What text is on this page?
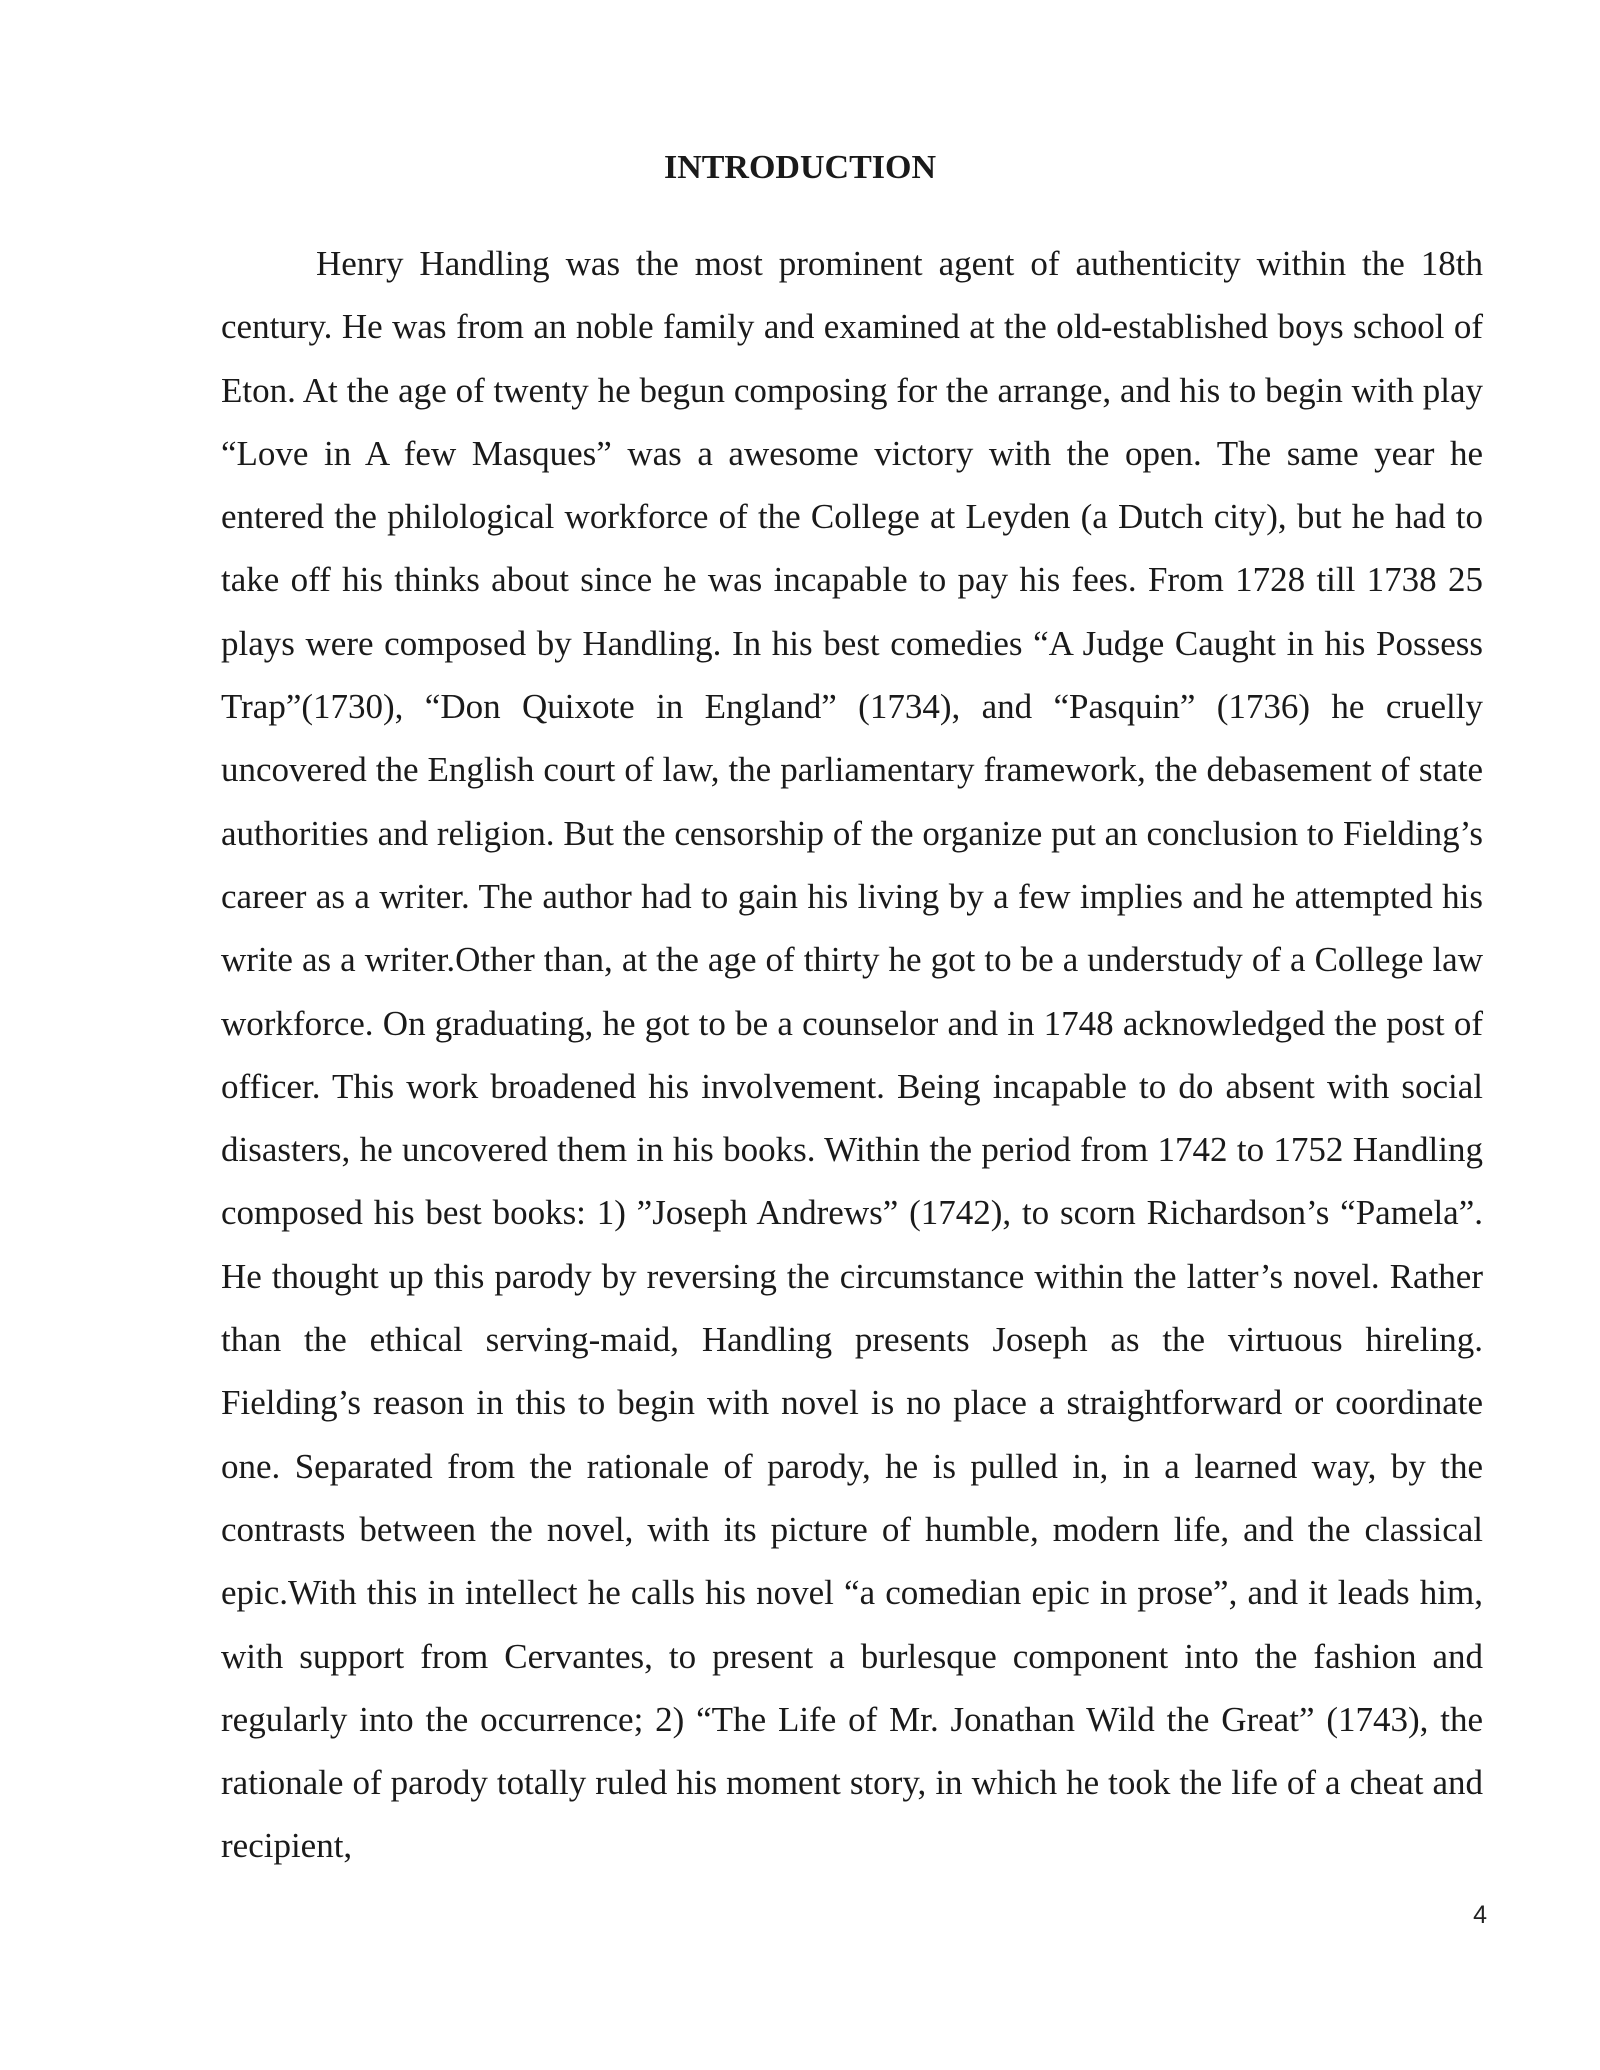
INTRODUCTION

Henry Handling was the most prominent agent of authenticity within the 18th century. He was from an noble family and examined at the old-established boys school of Eton. At the age of twenty he begun composing for the arrange, and his to begin with play “Love in A few Masques” was a awesome victory with the open. The same year he entered the philological workforce of the College at Leyden (a Dutch city), but he had to take off his thinks about since he was incapable to pay his fees. From 1728 till 1738 25 plays were composed by Handling. In his best comedies “A Judge Caught in his Possess Trap”(1730), “Don Quixote in England” (1734), and “Pasquin” (1736) he cruelly uncovered the English court of law, the parliamentary framework, the debasement of state authorities and religion. But the censorship of the organize put an conclusion to Fielding’s career as a writer. The author had to gain his living by a few implies and he attempted his write as a writer.Other than, at the age of thirty he got to be a understudy of a College law workforce. On graduating, he got to be a counselor and in 1748 acknowledged the post of officer. This work broadened his involvement. Being incapable to do absent with social disasters, he uncovered them in his books. Within the period from 1742 to 1752 Handling composed his best books: 1) ”Joseph Andrews” (1742), to scorn Richardson’s “Pamela”. He thought up this parody by reversing the circumstance within the latter’s novel. Rather than the ethical serving-maid, Handling presents Joseph as the virtuous hireling. Fielding’s reason in this to begin with novel is no place a straightforward or coordinate one. Separated from the rationale of parody, he is pulled in, in a learned way, by the contrasts between the novel, with its picture of humble, modern life, and the classical epic.With this in intellect he calls his novel “a comedian epic in prose”, and it leads him, with support from Cervantes, to present a burlesque component into the fashion and regularly into the occurrence; 2) “The Life of Mr. Jonathan Wild the Great” (1743), the rationale of parody totally ruled his moment story, in which he took the life of a cheat and recipient,

4
